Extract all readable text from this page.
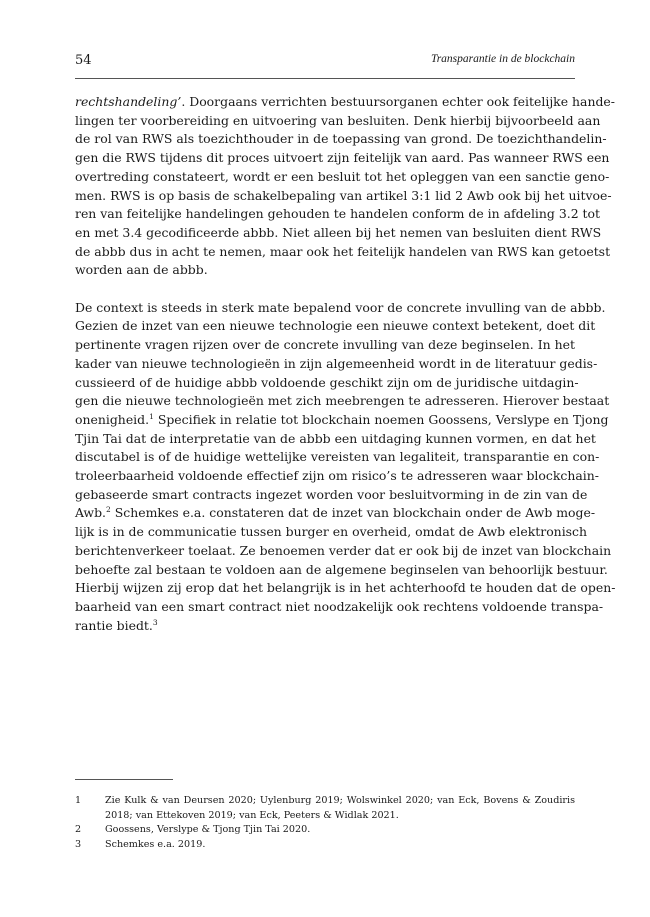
54	Transparantie in de blockchain
rechtshandeling’. Doorgaans verrichten bestuursorganen echter ook feitelijke hande-
lingen ter voorbereiding en uitvoering van besluiten. Denk hierbij bijvoorbeeld aan
de rol van RWS als toezichthouder in de toepassing van grond. De toezichthandelin-
gen die RWS tijdens dit proces uitvoert zijn feitelijk van aard. Pas wanneer RWS een
overtreding constateert, wordt er een besluit tot het opleggen van een sanctie geno-
men. RWS is op basis de schakelbepaling van artikel 3:1 lid 2 Awb ook bij het uitvoe-
ren van feitelijke handelingen gehouden te handelen conform de in afdeling 3.2 tot
en met 3.4 gecodificeerde abbb. Niet alleen bij het nemen van besluiten dient RWS
de abbb dus in acht te nemen, maar ook het feitelijk handelen van RWS kan getoetst
worden aan de abbb.
De context is steeds in sterk mate bepalend voor de concrete invulling van de abbb.
Gezien de inzet van een nieuwe technologie een nieuwe context betekent, doet dit
pertinente vragen rijzen over de concrete invulling van deze beginselen. In het
kader van nieuwe technologieën in zijn algemeenheid wordt in de literatuur gedis-
cussieerd of de huidige abbb voldoende geschikt zijn om de juridische uitdagin-
gen die nieuwe technologieën met zich meebrengen te adresseren. Hierover bestaat
onenigheid.$^1$ Specifiek in relatie tot blockchain noemen Goossens, Verslype en Tjong
Tjin Tai dat de interpretatie van de abbb een uitdaging kunnen vormen, en dat het
discutabel is of de huidige wettelijke vereisten van legaliteit, transparantie en con-
troleerbaarheid voldoende effectief zijn om risico’s te adresseren waar blockchain-
gebaseerde smart contracts ingezet worden voor besluitvorming in de zin van de
Awb.$^2$ Schemkes e.a. constateren dat de inzet van blockchain onder de Awb moge-
lijk is in de communicatie tussen burger en overheid, omdat de Awb elektronisch
berichtenverkeer toelaat. Ze benoemen verder dat er ook bij de inzet van blockchain
behoefte zal bestaan te voldoen aan de algemene beginselen van behoorlijk bestuur.
Hierbij wijzen zij erop dat het belangrijk is in het achterhoofd te houden dat de open-
baarheid van een smart contract niet noodzakelijk ook rechtens voldoende transpa-
rantie biedt.$^3$
1	Zie Kulk & van Deursen 2020; Uylenburg 2019; Wolswinkel 2020; van Eck, Bovens & Zoudiris
2018; van Ettekoven 2019; van Eck, Peeters & Widlak 2021.
2	Goossens, Verslype & Tjong Tjin Tai 2020.
3	Schemkes e.a. 2019.
